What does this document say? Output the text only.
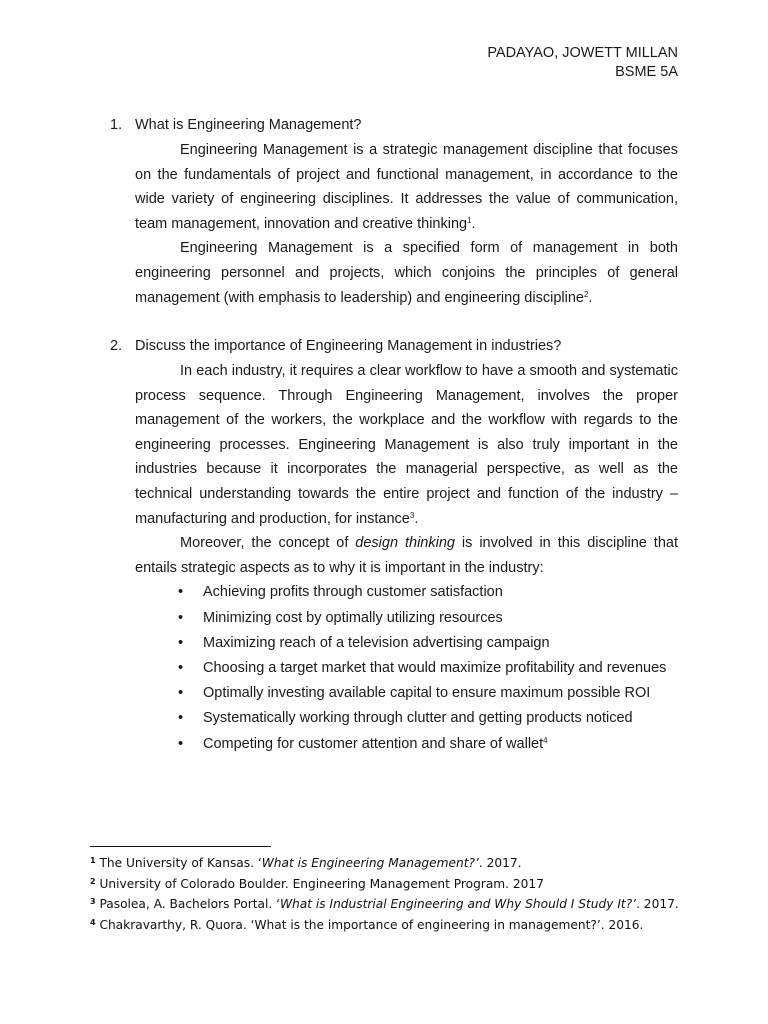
PADAYAO, JOWETT MILLAN
BSME 5A
1. What is Engineering Management?

Engineering Management is a strategic management discipline that focuses on the fundamentals of project and functional management, in accordance to the wide variety of engineering disciplines. It addresses the value of communication, team management, innovation and creative thinking$^1$.

Engineering Management is a specified form of management in both engineering personnel and projects, which conjoins the principles of general management (with emphasis to leadership) and engineering discipline$^2$.

2. Discuss the importance of Engineering Management in industries?

In each industry, it requires a clear workflow to have a smooth and systematic process sequence. Through Engineering Management, involves the proper management of the workers, the workplace and the workflow with regards to the engineering processes. Engineering Management is also truly important in the industries because it incorporates the managerial perspective, as well as the technical understanding towards the entire project and function of the industry – manufacturing and production, for instance$^3$.

Moreover, the concept of design thinking is involved in this discipline that entails strategic aspects as to why it is important in the industry:

• Achieving profits through customer satisfaction
• Minimizing cost by optimally utilizing resources
• Maximizing reach of a television advertising campaign
• Choosing a target market that would maximize profitability and revenues
• Optimally investing available capital to ensure maximum possible ROI
• Systematically working through clutter and getting products noticed
• Competing for customer attention and share of wallet$^4$
$^1$ The University of Kansas. ‘What is Engineering Management?’. 2017.
$^2$ University of Colorado Boulder. Engineering Management Program. 2017
$^3$ Pasolea, A. Bachelors Portal. ‘What is Industrial Engineering and Why Should I Study It?’. 2017.
$^4$ Chakravarthy, R. Quora. ‘What is the importance of engineering in management?’. 2016.
